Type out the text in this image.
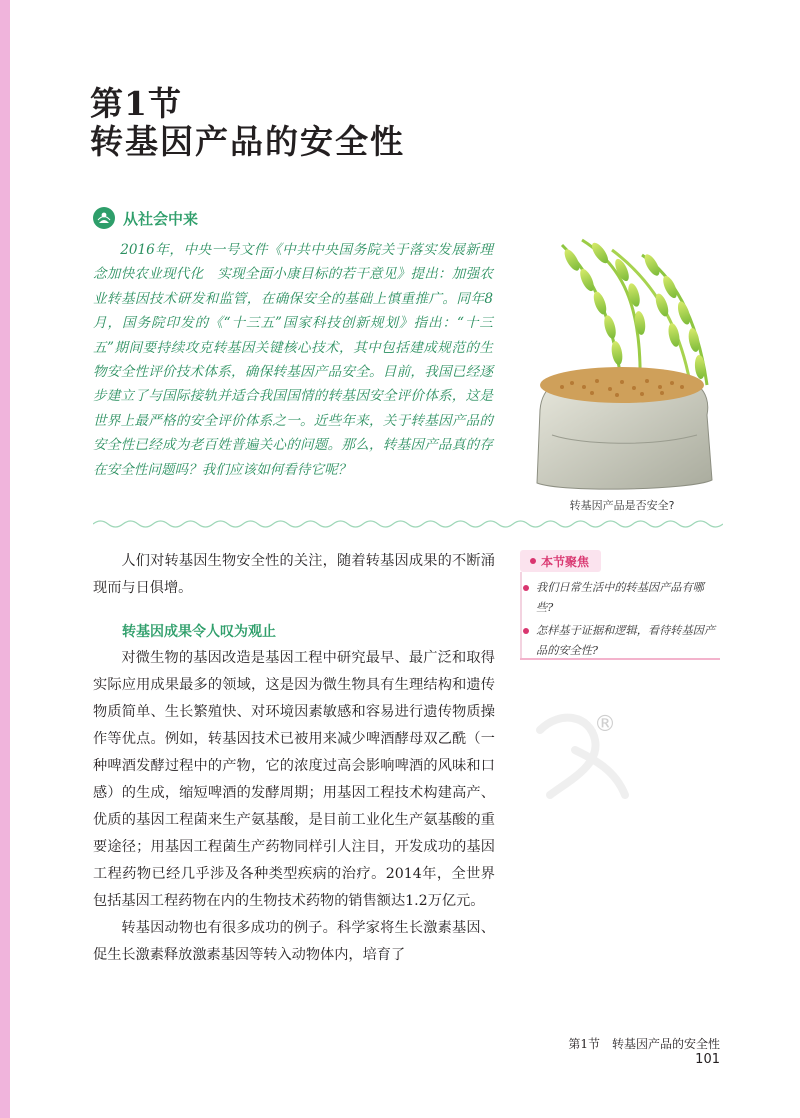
第1节
转基因产品的安全性
从社会中来

2016年，中央一号文件《中共中央国务院关于落实发展新理念加快农业现代化　实现全面小康目标的若干意见》提出：加强农业转基因技术研发和监管，在确保安全的基础上慎重推广。同年8月，国务院印发的《“十三五”国家科技创新规划》指出：“十三五”期间要持续攻克转基因关键核心技术，其中包括建成规范的生物安全性评价技术体系，确保转基因产品安全。目前，我国已经逐步建立了与国际接轨并适合我国国情的转基因安全评价体系，这是世界上最严格的安全评价体系之一。近些年来，关于转基因产品的安全性已经成为老百姓普遍关心的问题。那么，转基因产品真的存在安全性问题吗？我们应该如何看待它呢？

转基因产品是否安全?

人们对转基因生物安全性的关注，随着转基因成果的不断涌现而与日俱增。

转基因成果令人叹为观止

对微生物的基因改造是基因工程中研究最早、最广泛和取得实际应用成果最多的领域，这是因为微生物具有生理结构和遗传物质简单、生长繁殖快、对环境因素敏感和容易进行遗传物质操作等优点。例如，转基因技术已被用来减少啤酒酵母双乙酰（一种啤酒发酵过程中的产物，它的浓度过高会影响啤酒的风味和口感）的生成，缩短啤酒的发酵周期；用基因工程技术构建高产、优质的基因工程菌来生产氨基酸，是目前工业化生产氨基酸的重要途径；用基因工程菌生产药物同样引人注目，开发成功的基因工程药物已经几乎涉及各种类型疾病的治疗。2014年，全世界包括基因工程药物在内的生物技术药物的销售额达1.2万亿元。

转基因动物也有很多成功的例子。科学家将生长激素基因、促生长激素释放激素基因等转入动物体内，培育了

本节聚焦
我们日常生活中的转基因产品有哪些?
怎样基于证据和逻辑，看待转基因产品的安全性?
®
第1节　转基因产品的安全性101
